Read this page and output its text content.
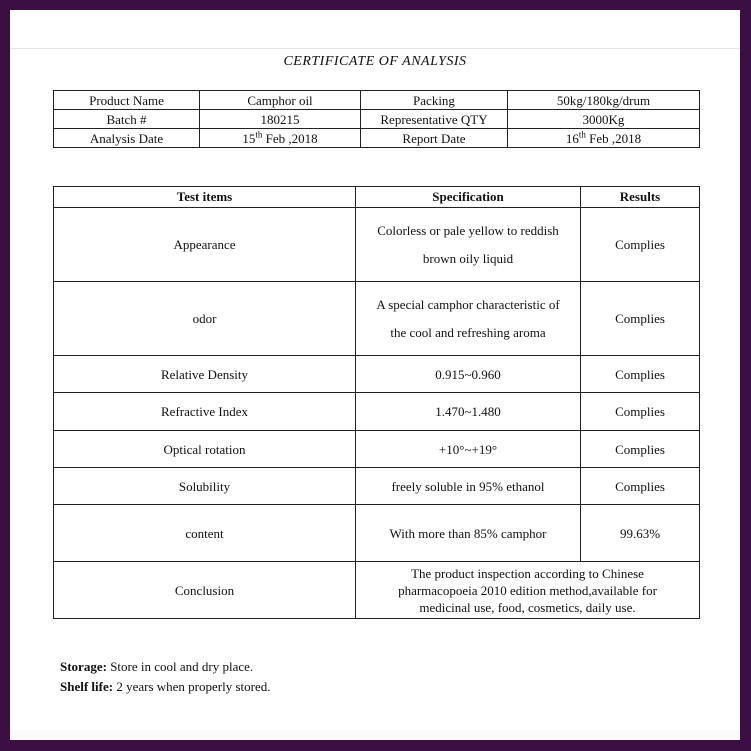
CERTIFICATE OF ANALYSIS
Product Name	Camphor oil	Packing	50kg/180kg/drum
Batch #	180215	Representative QTY	3000Kg
Analysis Date	15th Feb ,2018	Report Date	16th Feb ,2018
Test items	Specification	Results
Appearance	Colorless or pale yellow to reddish
brown oily liquid	Complies
odor	A special camphor characteristic of
the cool and refreshing aroma	Complies
Relative Density	0.915~0.960	Complies
Refractive Index	1.470~1.480	Complies
Optical rotation	+10°~+19°	Complies
Solubility	freely soluble in 95% ethanol	Complies
content	With more than 85% camphor	99.63%
Conclusion	The product inspection according to Chinese
pharmacopoeia 2010 edition method,available for
medicinal use, food, cosmetics, daily use.	
Storage: Store in cool and dry place.
Shelf life: 2 years when properly stored.
